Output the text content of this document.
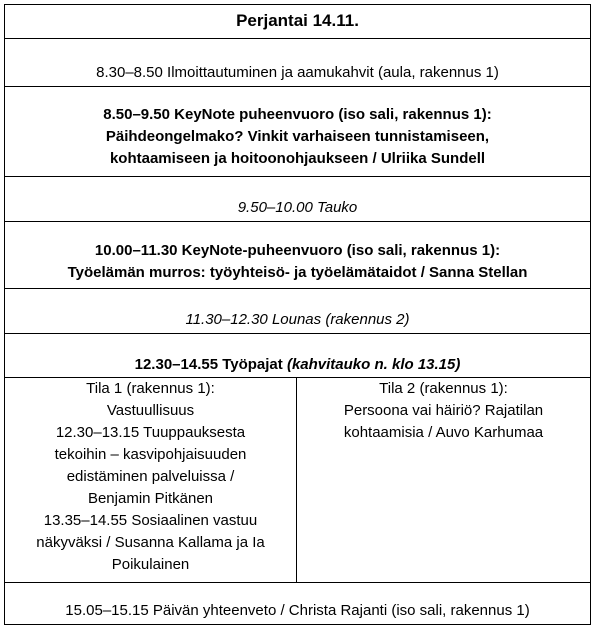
Perjantai 14.11.
8.30–8.50 Ilmoittautuminen ja aamukahvit (aula, rakennus 1)
8.50–9.50 KeyNote puheenvuoro (iso sali, rakennus 1):
Päihdeongelmako? Vinkit varhaiseen tunnistamiseen,
kohtaamiseen ja hoitoonohjaukseen / Ulriika Sundell
9.50–10.00 Tauko
10.00–11.30 KeyNote-puheenvuoro (iso sali, rakennus 1):
Työelämän murros: työyhteisö- ja työelämätaidot / Sanna Stellan
11.30–12.30 Lounas (rakennus 2)
12.30–14.55 Työpajat (kahvitauko n. klo 13.15)
Tila 1 (rakennus 1):
Vastuullisuus
12.30–13.15 Tuuppauksesta
tekoihin – kasvipohjaisuuden
edistäminen palveluissa /
Benjamin Pitkänen
13.35–14.55 Sosiaalinen vastuu
näkyväksi / Susanna Kallama ja Ia
Poikulainen
Tila 2 (rakennus 1):
Persoona vai häiriö? Rajatilan
kohtaamisia / Auvo Karhumaa
15.05–15.15 Päivän yhteenveto / Christa Rajanti (iso sali, rakennus 1)
